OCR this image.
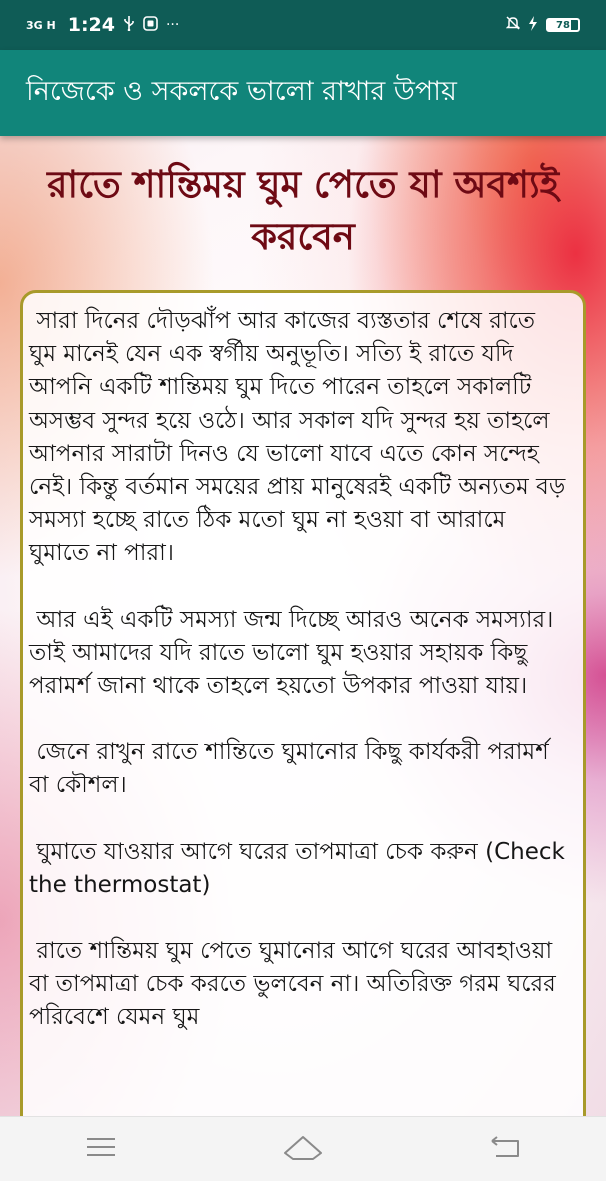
3G H 1:24	···	78
নিজেকে ও সকলকে ভালো রাখার উপায়
রাতে শান্তিময় ঘুম পেতে যা অবশ্যই করবেন

সারা দিনের দৌড়ঝাঁপ আর কাজের ব্যস্ততার শেষে রাতে ঘুম মানেই যেন এক স্বর্গীয় অনুভূতি। সত্যি ই রাতে যদি আপনি একটি শান্তিময় ঘুম দিতে পারেন তাহলে সকালটি অসম্ভব সুন্দর হয়ে ওঠে। আর সকাল যদি সুন্দর হয় তাহলে আপনার সারাটা দিনও যে ভালো যাবে এতে কোন সন্দেহ নেই। কিন্তু বর্তমান সময়ের প্রায় মানুষেরই একটি অন্যতম বড় সমস্যা হচ্ছে রাতে ঠিক মতো ঘুম না হওয়া বা আরামে ঘুমাতে না পারা।

আর এই একটি সমস্যা জন্ম দিচ্ছে আরও অনেক সমস্যার। তাই আমাদের যদি রাতে ভালো ঘুম হওয়ার সহায়ক কিছু পরামর্শ জানা থাকে তাহলে হয়তো উপকার পাওয়া যায়।

জেনে রাখুন রাতে শান্তিতে ঘুমানোর কিছু কার্যকরী পরামর্শ বা কৌশল।

ঘুমাতে যাওয়ার আগে ঘরের তাপমাত্রা চেক করুন (Check the thermostat)

রাতে শান্তিময় ঘুম পেতে ঘুমানোর আগে ঘরের আবহাওয়া বা তাপমাত্রা চেক করতে ভুলবেন না। অতিরিক্ত গরম ঘরের পরিবেশে যেমন ঘুম
